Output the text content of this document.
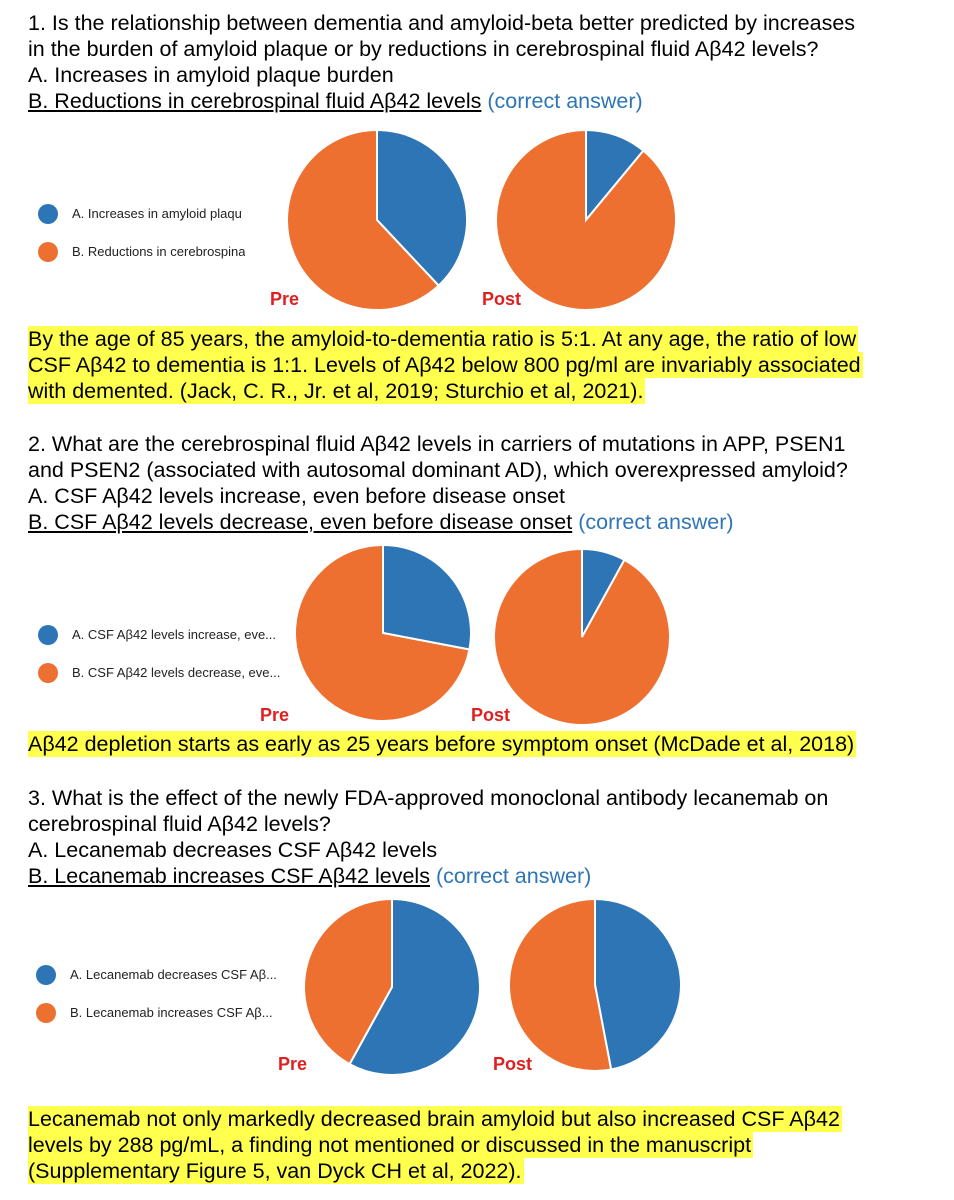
1. Is the relationship between dementia and amyloid-beta better predicted by increases
in the burden of amyloid plaque or by reductions in cerebrospinal fluid Aβ42 levels?
A. Increases in amyloid plaque burden
B. Reductions in cerebrospinal fluid Aβ42 levels (correct answer)
A. Increases in amyloid plaqu
B. Reductions in cerebrospina
Pre	Post
By the age of 85 years, the amyloid-to-dementia ratio is 5:1. At any age, the ratio of low
CSF Aβ42 to dementia is 1:1. Levels of Aβ42 below 800 pg/ml are invariably associated
with demented. (Jack, C. R., Jr. et al, 2019; Sturchio et al, 2021).
2. What are the cerebrospinal fluid Aβ42 levels in carriers of mutations in APP, PSEN1
and PSEN2 (associated with autosomal dominant AD), which overexpressed amyloid?
A. CSF Aβ42 levels increase, even before disease onset
B. CSF Aβ42 levels decrease, even before disease onset (correct answer)
A. CSF Aβ42 levels increase, eve...
B. CSF Aβ42 levels decrease, eve...
Pre	Post
Aβ42 depletion starts as early as 25 years before symptom onset (McDade et al, 2018)
3. What is the effect of the newly FDA-approved monoclonal antibody lecanemab on
cerebrospinal fluid Aβ42 levels?
A. Lecanemab decreases CSF Aβ42 levels
B. Lecanemab increases CSF Aβ42 levels (correct answer)
A. Lecanemab decreases CSF Aβ...
B. Lecanemab increases CSF Aβ...
Pre	Post
Lecanemab not only markedly decreased brain amyloid but also increased CSF Aβ42
levels by 288 pg/mL, a finding not mentioned or discussed in the manuscript
(Supplementary Figure 5, van Dyck CH et al, 2022).
